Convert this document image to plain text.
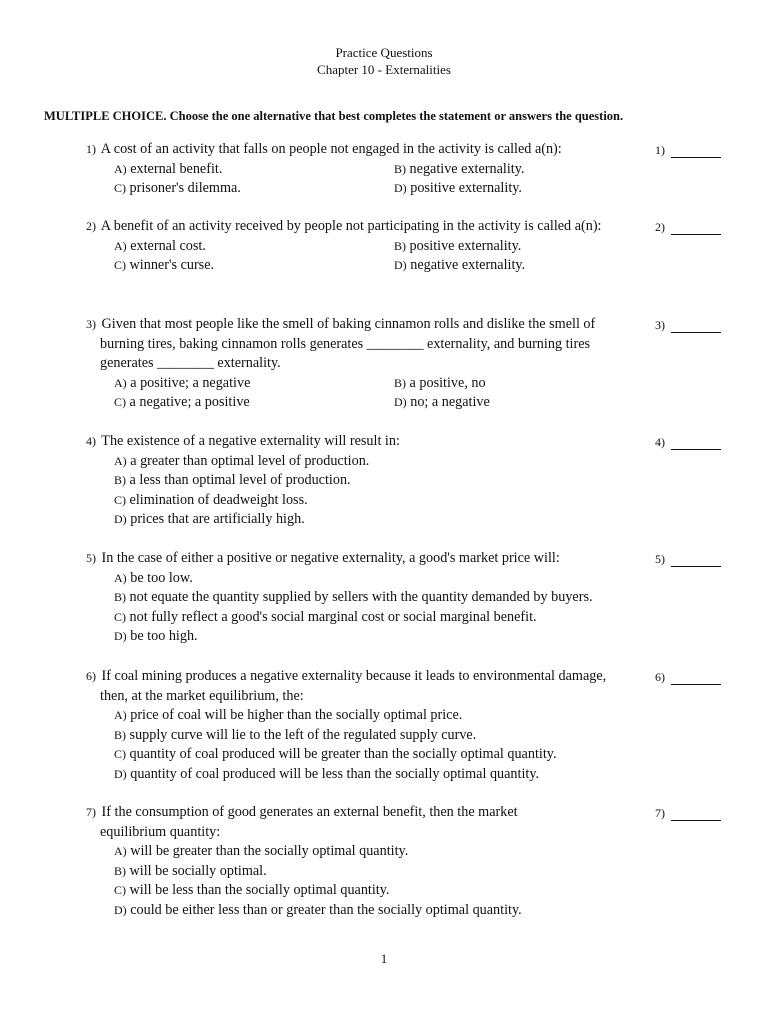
Practice Questions
Chapter 10 - Externalities
MULTIPLE CHOICE. Choose the one alternative that best completes the statement or answers the question.
1) A cost of an activity that falls on people not engaged in the activity is called a(n):
A) external benefit.	B) negative externality.
C) prisoner's dilemma.	D) positive externality.
1)
2) A benefit of an activity received by people not participating in the activity is called a(n):
A) external cost.	B) positive externality.
C) winner's curse.	D) negative externality.
2)
3) Given that most people like the smell of baking cinnamon rolls and dislike the smell of burning tires, baking cinnamon rolls generates ________ externality, and burning tires generates ________ externality.
A) a positive; a negative	B) a positive, no
C) a negative; a positive	D) no; a negative
3)
4) The existence of a negative externality will result in:
A) a greater than optimal level of production.
B) a less than optimal level of production.
C) elimination of deadweight loss.
D) prices that are artificially high.
4)
5) In the case of either a positive or negative externality, a good's market price will:
A) be too low.
B) not equate the quantity supplied by sellers with the quantity demanded by buyers.
C) not fully reflect a good's social marginal cost or social marginal benefit.
D) be too high.
5)
6) If coal mining produces a negative externality because it leads to environmental damage, then, at the market equilibrium, the:
A) price of coal will be higher than the socially optimal price.
B) supply curve will lie to the left of the regulated supply curve.
C) quantity of coal produced will be greater than the socially optimal quantity.
D) quantity of coal produced will be less than the socially optimal quantity.
6)
7) If the consumption of good generates an external benefit, then the market equilibrium quantity:
A) will be greater than the socially optimal quantity.
B) will be socially optimal.
C) will be less than the socially optimal quantity.
D) could be either less than or greater than the socially optimal quantity.
7)
1
